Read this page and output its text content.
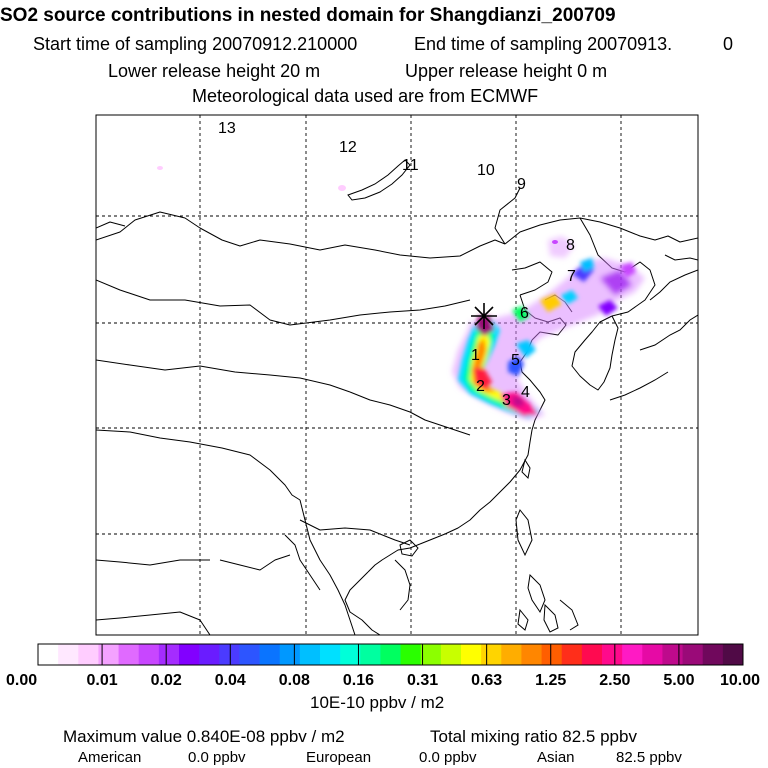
SO2 source contributions in nested domain for Shangdianzi_200709
Start time of sampling 20070912.210000	End time of sampling 20070913.	0
Lower release height 20 m	Upper release height 0 m
Meteorological data used are from ECMWF
1
2
3 4
5
6
7
8
9
10
11
12
13
0.00	0.01 0.02 0.04 0.08 0.16 0.31 0.63 1.25 2.50 5.00 10.00
10E-10 ppbv / m2
Maximum value 0.840E-08 ppbv / m2	Total mixing ratio 82.5 ppbv
American	0.0 ppbv	European	0.0 ppbv	Asian	82.5 ppbv
